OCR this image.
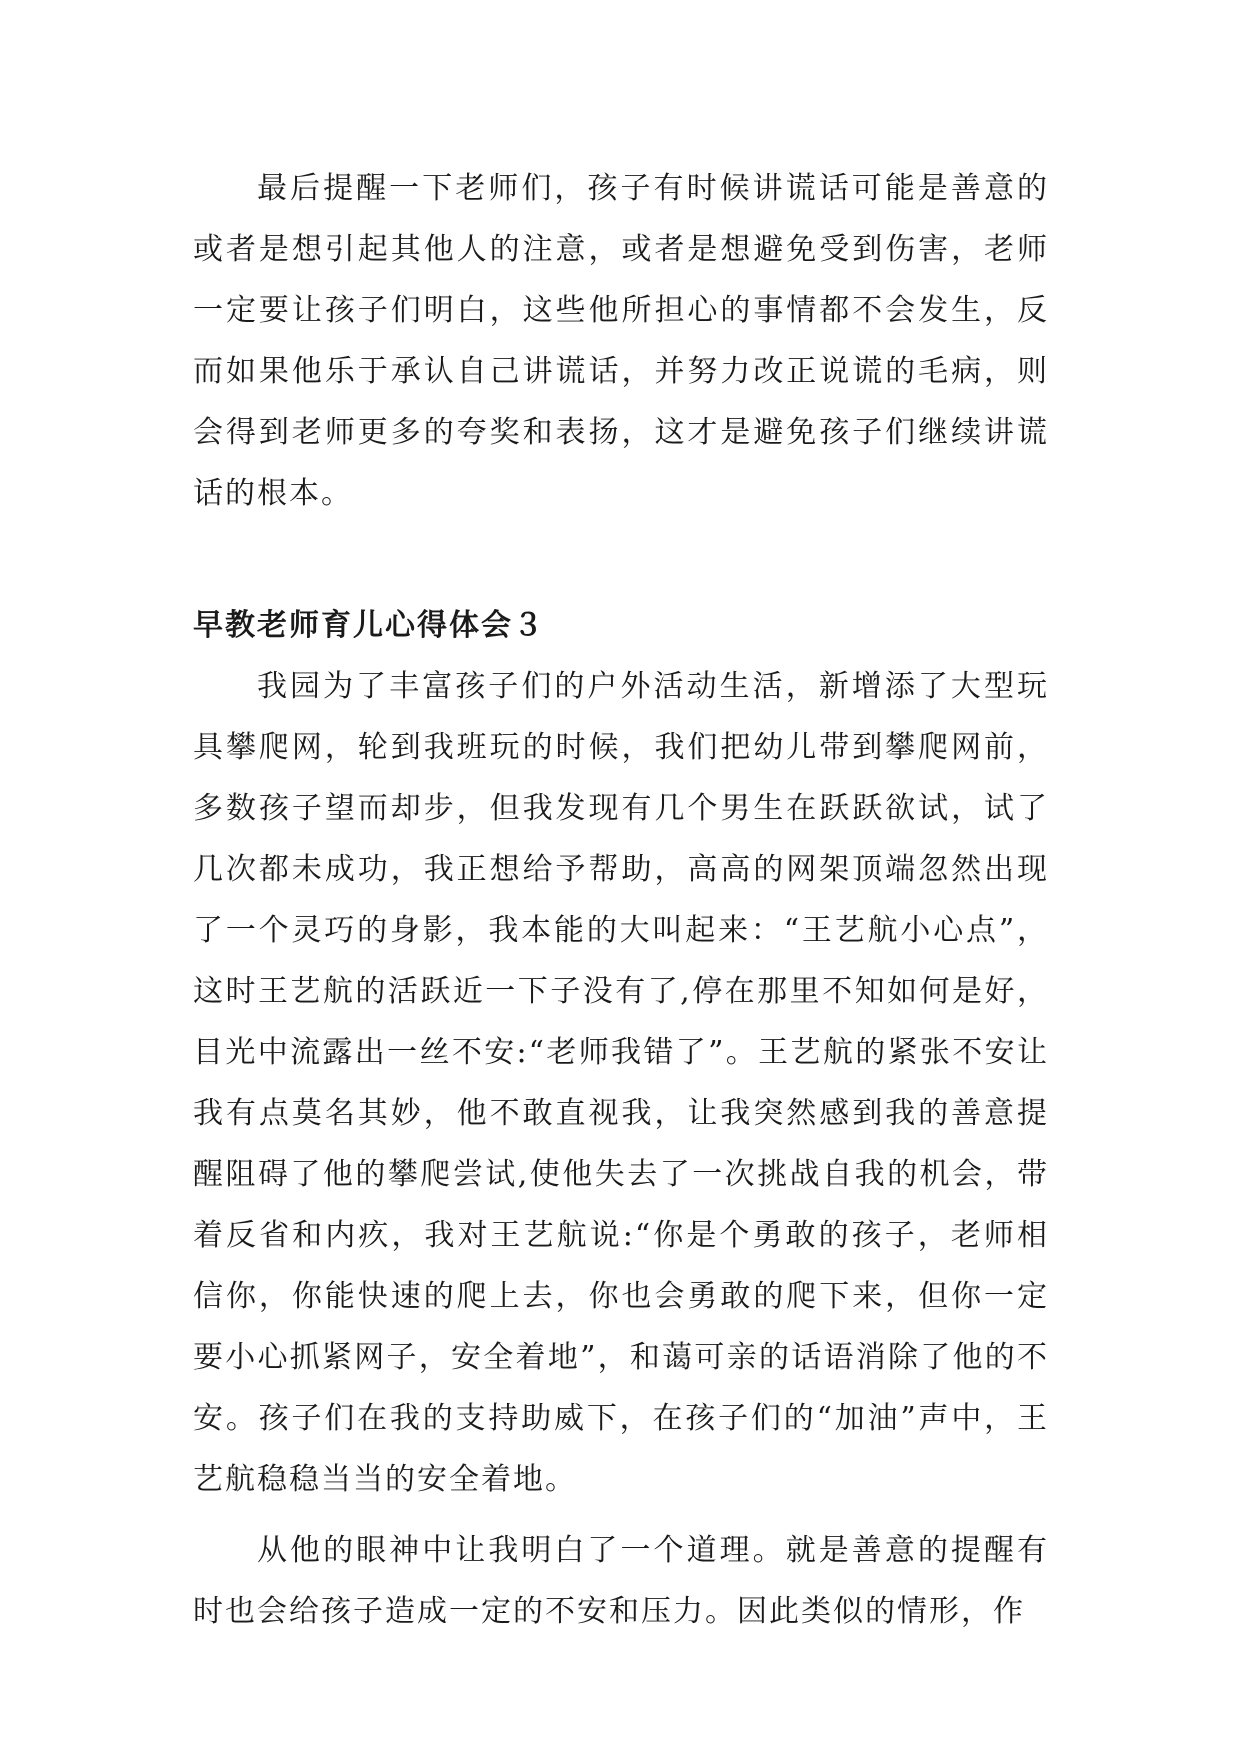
最后提醒一下老师们，孩子有时候讲谎话可能是善意的或者是想引起其他人的注意，或者是想避免受到伤害，老师一定要让孩子们明白，这些他所担心的事情都不会发生，反而如果他乐于承认自己讲谎话，并努力改正说谎的毛病，则会得到老师更多的夸奖和表扬，这才是避免孩子们继续讲谎话的根本。

早教老师育儿心得体会３

我园为了丰富孩子们的户外活动生活，新增添了大型玩具攀爬网，轮到我班玩的时候，我们把幼儿带到攀爬网前，多数孩子望而却步，但我发现有几个男生在跃跃欲试，试了几次都未成功，我正想给予帮助，高高的网架顶端忽然出现了一个灵巧的身影，我本能的大叫起来：“王艺航小心点”，这时王艺航的活跃近一下子没有了,停在那里不知如何是好，目光中流露出一丝不安:“老师我错了”。王艺航的紧张不安让我有点莫名其妙，他不敢直视我，让我突然感到我的善意提醒阻碍了他的攀爬尝试,使他失去了一次挑战自我的机会，带着反省和内疚，我对王艺航说:“你是个勇敢的孩子，老师相信你，你能快速的爬上去，你也会勇敢的爬下来，但你一定要小心抓紧网子，安全着地”，和蔼可亲的话语消除了他的不安。孩子们在我的支持助威下，在孩子们的“加油”声中，王艺航稳稳当当的安全着地。

从他的眼神中让我明白了一个道理。就是善意的提醒有时也会给孩子造成一定的不安和压力。因此类似的情形，作
